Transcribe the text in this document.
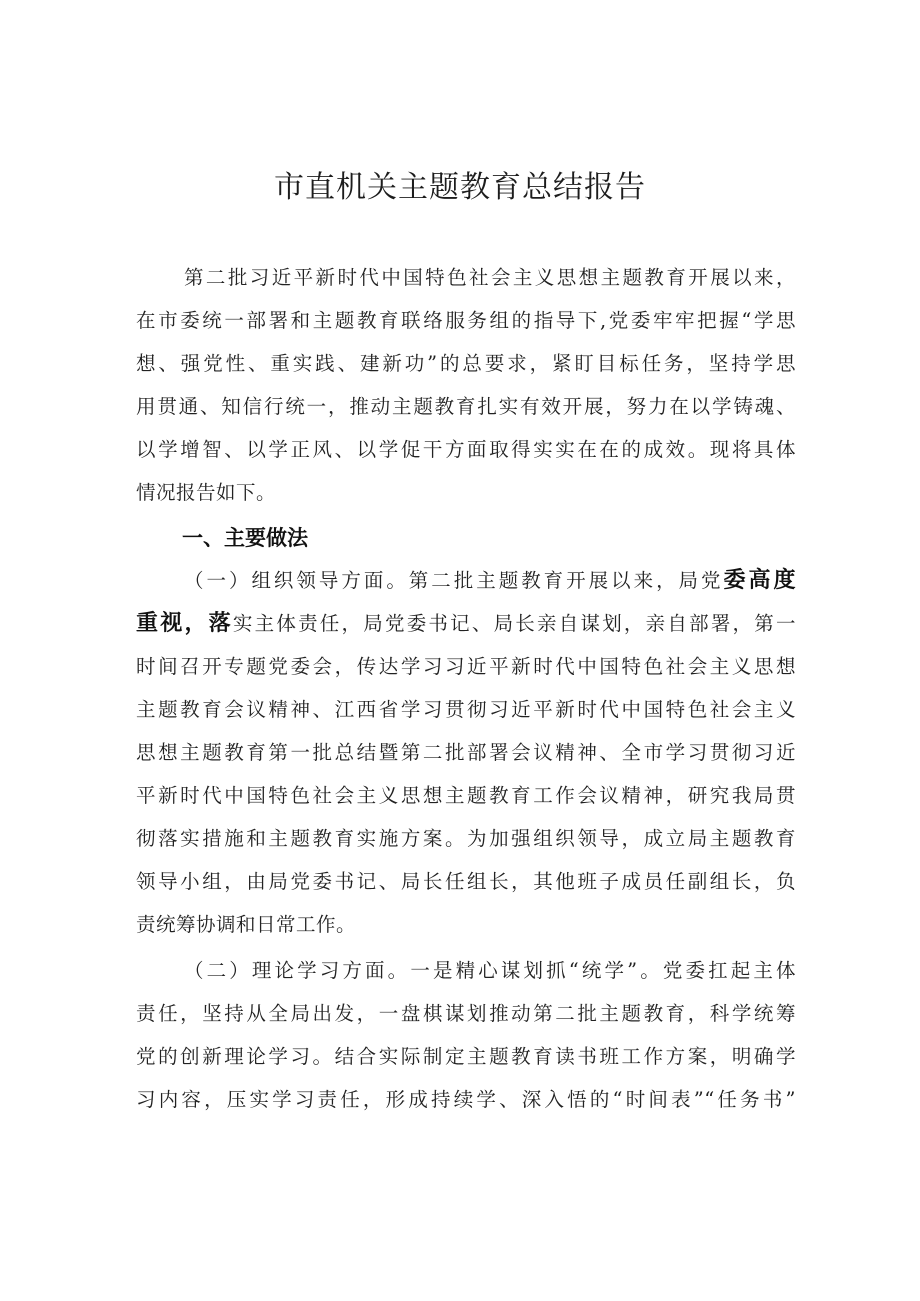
市直机关主题教育总结报告
第二批习近平新时代中国特色社会主义思想主题教育开展以来，
在市委统一部署和主题教育联络服务组的指导下,党委牢牢把握“学思
想、强党性、重实践、建新功”的总要求，紧盯目标任务，坚持学思
用贯通、知信行统一，推动主题教育扎实有效开展，努力在以学铸魂、
以学增智、以学正风、以学促干方面取得实实在在的成效。现将具体
情况报告如下。
一、主要做法
（一）组织领导方面。第二批主题教育开展以来，局党委高度
重视，落实主体责任，局党委书记、局长亲自谋划，亲自部署，第一
时间召开专题党委会，传达学习习近平新时代中国特色社会主义思想
主题教育会议精神、江西省学习贯彻习近平新时代中国特色社会主义
思想主题教育第一批总结暨第二批部署会议精神、全市学习贯彻习近
平新时代中国特色社会主义思想主题教育工作会议精神，研究我局贯
彻落实措施和主题教育实施方案。为加强组织领导，成立局主题教育
领导小组，由局党委书记、局长任组长，其他班子成员任副组长，负
责统筹协调和日常工作。
（二）理论学习方面。一是精心谋划抓“统学”。党委扛起主体
责任，坚持从全局出发，一盘棋谋划推动第二批主题教育，科学统筹
党的创新理论学习。结合实际制定主题教育读书班工作方案，明确学
习内容，压实学习责任，形成持续学、深入悟的“时间表”“任务书”
